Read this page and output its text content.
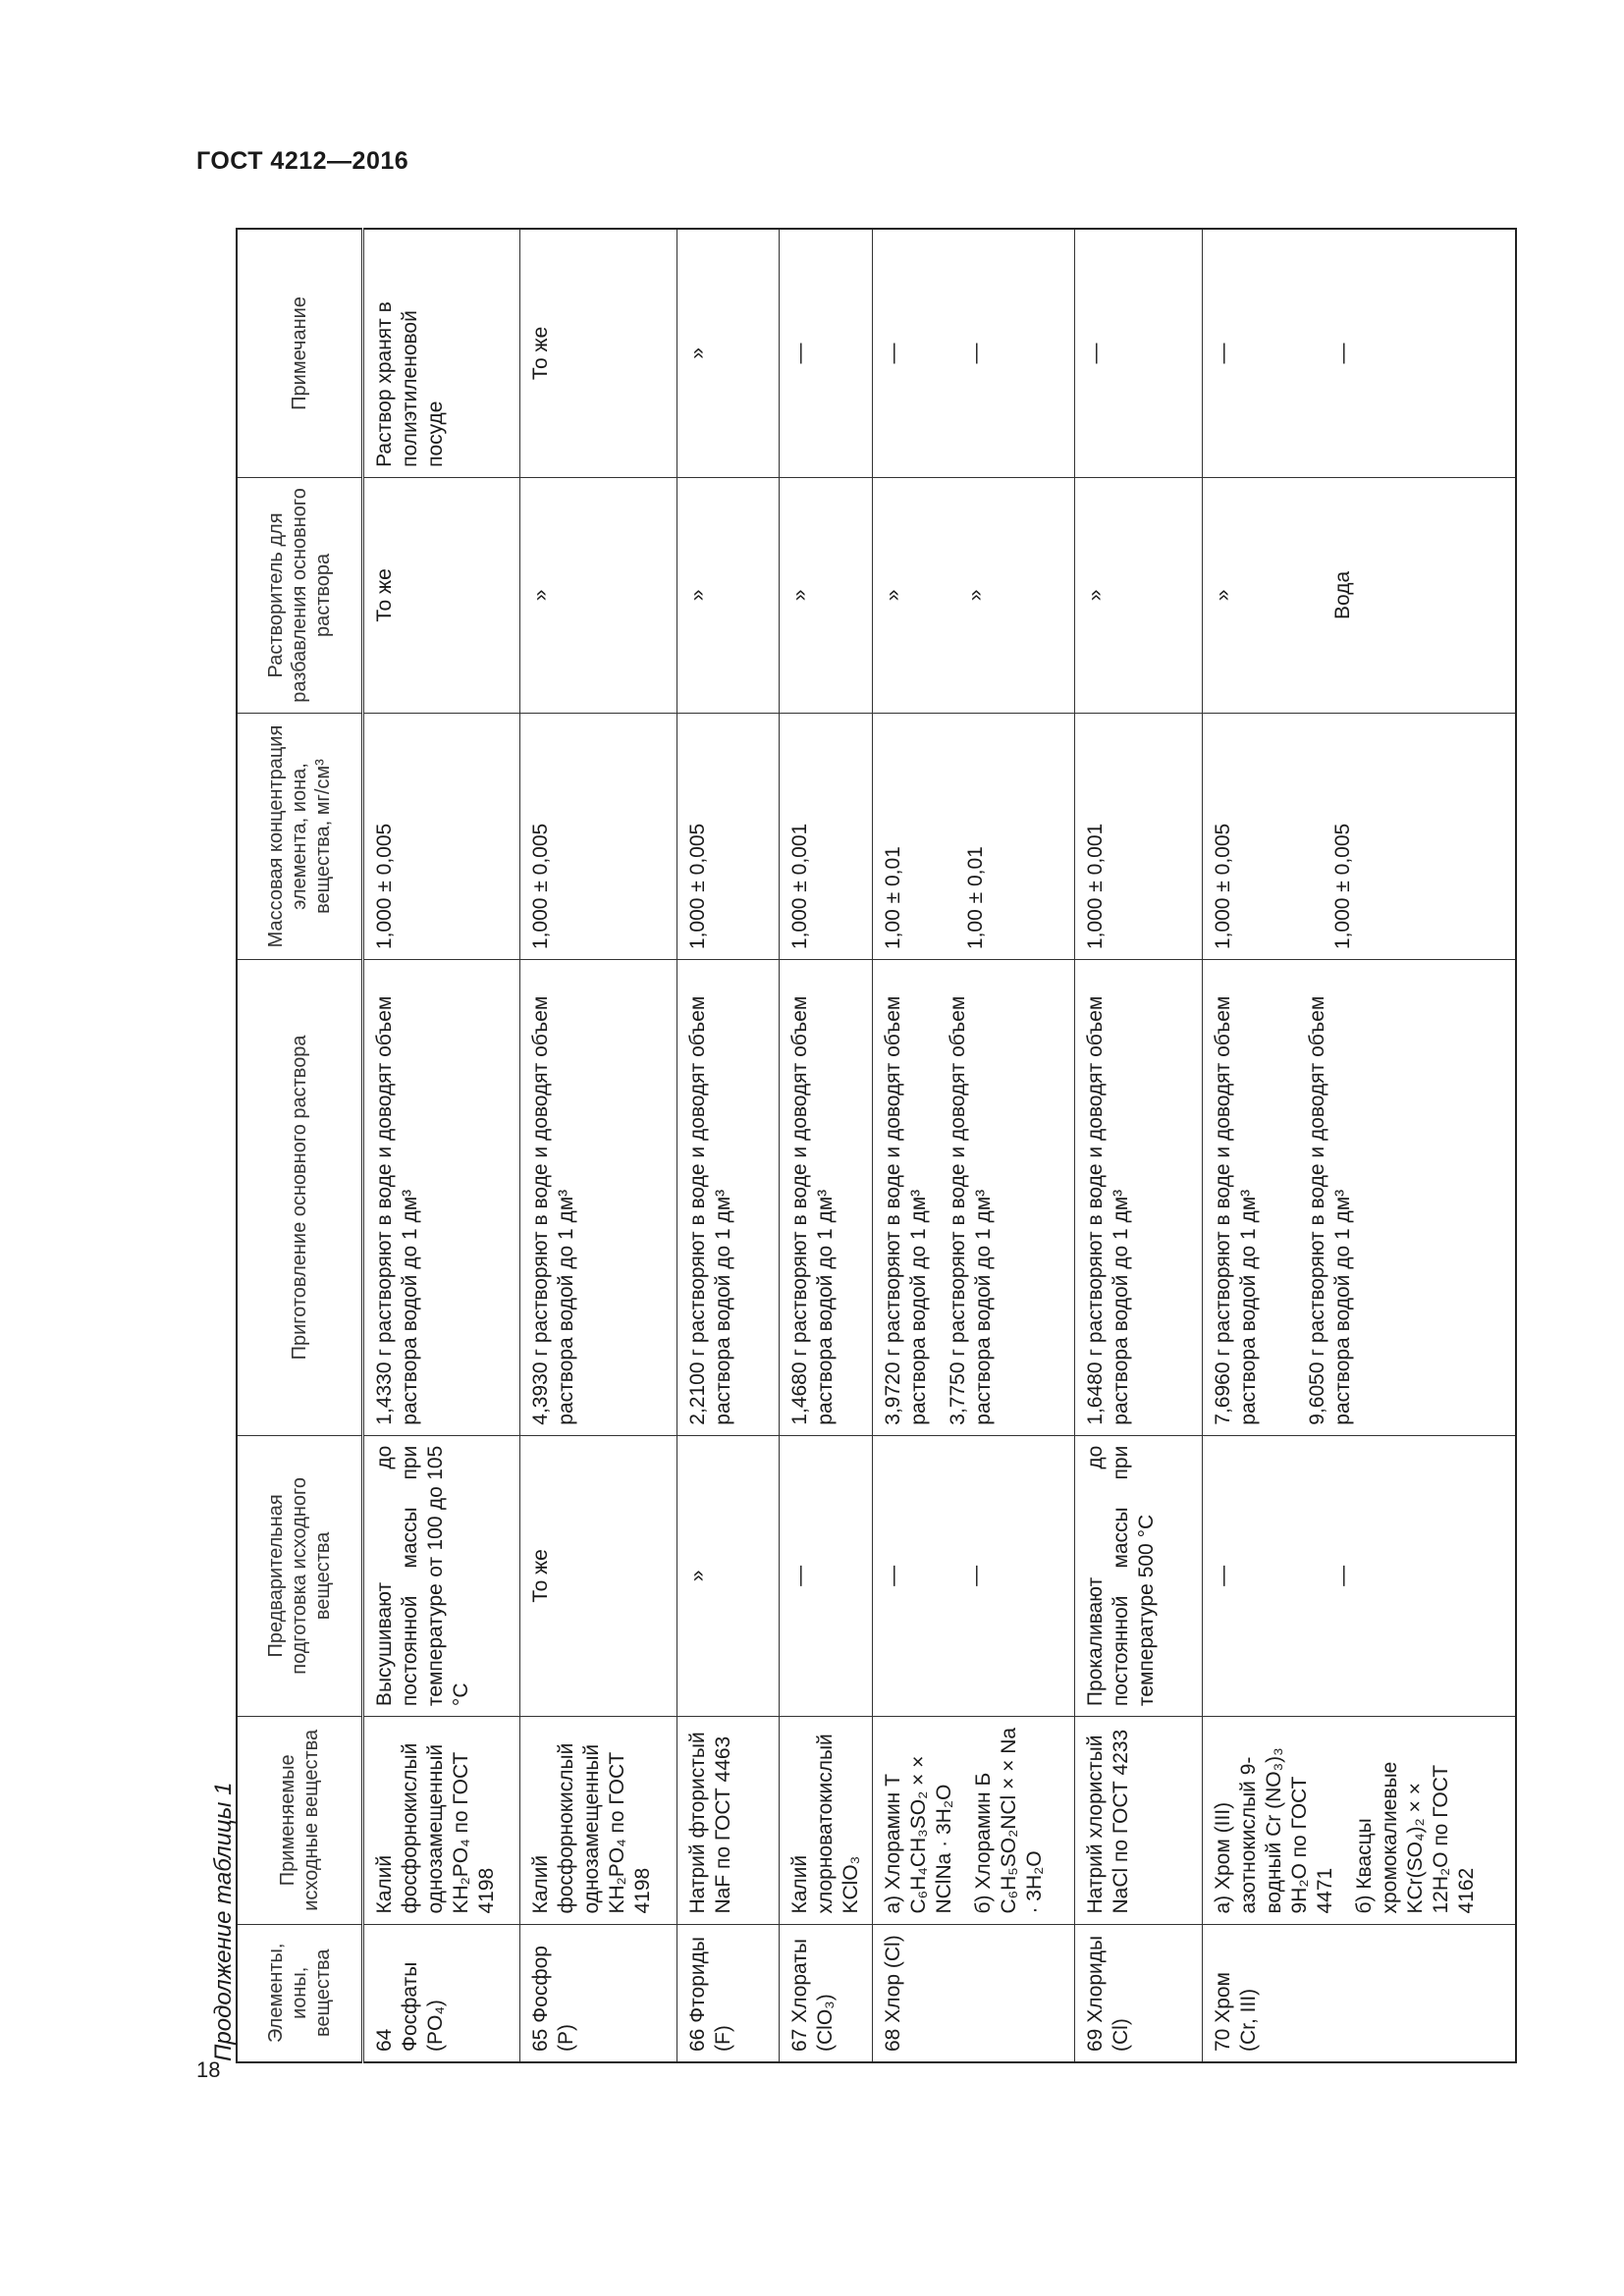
ГОСТ 4212—2016
Продолжение таблицы 1
18
Элементы, ионы, вещества	Применяемые исходные вещества	Предварительная подготовка исходного вещества	Приготовление основного раствора	Массовая концентрация элемента, иона, вещества, мг/см³	Растворитель для разбавления основного раствора	Примечание
64 Фосфаты (PO₄)	Калий фосфорнокислый однозамещенный KH₂PO₄ по ГОСТ 4198	Высушивают до постоянной массы при температуре от 100 до 105 °С	1,4330 г растворяют в воде и доводят объем раствора водой до 1 дм³	1,000 ± 0,005	То же	Раствор хранят в полиэтиленовой посуде
65 Фосфор (Р)	Калий фосфорнокислый однозамещенный KH₂PO₄ по ГОСТ 4198	То же	4,3930 г растворяют в воде и доводят объем раствора водой до 1 дм³	1,000 ± 0,005	»	То же
66 Фториды (F)	Натрий фтористый NaF по ГОСТ 4463	»	2,2100 г растворяют в воде и доводят объем раствора водой до 1 дм³	1,000 ± 0,005	»	»
67 Хлораты (ClO₃)	Калий хлорноватокислый KClO₃	—	1,4680 г растворяют в воде и доводят объем раствора водой до 1 дм³	1,000 ± 0,001	»	—
68 Хлор (Cl)	а) Хлорамин Т C₆H₄CH₃SO₂ × × NClNa · 3H₂O б) Хлорамин Б C₆H₅SO₂NCl × × Na · 3H₂O	— —	3,9720 г растворяют в воде и доводят объем раствора водой до 1 дм³ 3,7750 г растворяют в воде и доводят объем раствора водой до 1 дм³	1,00 ± 0,01 1,00 ± 0,01	» »	— —

69 Хлориды (Cl)	Натрий хлористый NaCl по ГОСТ 4233	Прокаливают до постоянной массы при температуре 500 °С	1,6480 г растворяют в воде и доводят объем раствора водой до 1 дм³	1,000 ± 0,001	»	—
70 Хром (Cr, III)	а) Хром (III) азотнокислый 9-водный Cr (NO₃)₃ 9H₂O по ГОСТ 4471 б) Квасцы хромокалиевые KCr(SO₄)₂ × × 12H₂O по ГОСТ 4162	— —	7,6960 г растворяют в воде и доводят объем раствора водой до 1 дм³ 9,6050 г растворяют в воде и доводят объем раствора водой до 1 дм³	1,000 ± 0,005 1,000 ± 0,005	» Вода	— —
